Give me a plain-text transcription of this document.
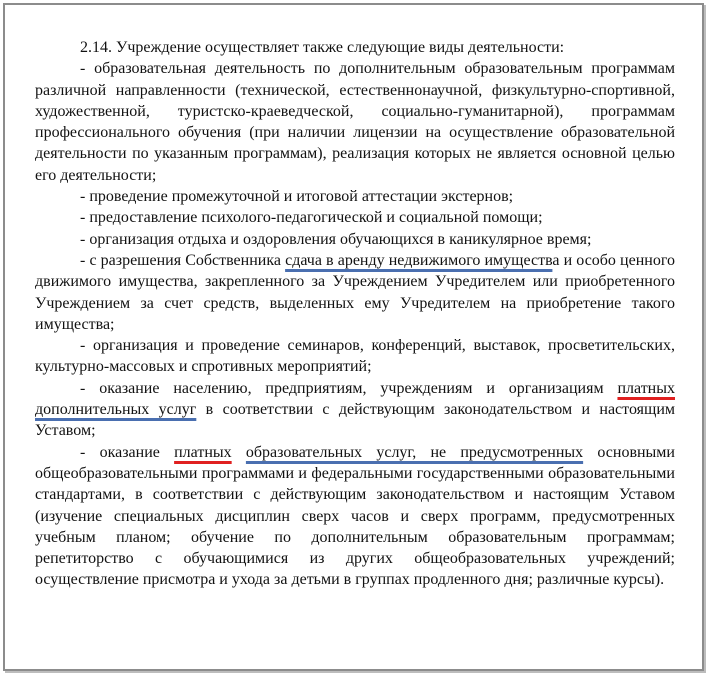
2.14. Учреждение осуществляет также следующие виды деятельности:

- образовательная деятельность по дополнительным образовательным программам различной направленности (технической, естественнонаучной, физкультурно-спортивной, художественной, туристско-краеведческой, социально-гуманитарной), программам профессионального обучения (при наличии лицензии на осуществление образовательной деятельности по указанным программам), реализация которых не является основной целью его деятельности;

- проведение промежуточной и итоговой аттестации экстернов;

- предоставление психолого-педагогической и социальной помощи;

- организация отдыха и оздоровления обучающихся в каникулярное время;

- с разрешения Собственника сдача в аренду недвижимого имущества и особо ценного движимого имущества, закрепленного за Учреждением Учредителем или приобретенного Учреждением за счет средств, выделенных ему Учредителем на приобретение такого имущества;

- организация и проведение семинаров, конференций, выставок, просветительских, культурно-массовых и спротивных мероприятий;

- оказание населению, предприятиям, учреждениям и организациям платных дополнительных услуг в соответствии с действующим законодательством и настоящим Уставом;

- оказание платных образовательных услуг, не предусмотренных основными общеобразовательными программами и федеральными государственными образовательными стандартами, в соответствии с действующим законодательством и настоящим Уставом (изучение специальных дисциплин сверх часов и сверх программ, предусмотренных учебным планом; обучение по дополнительным образовательным программам; репетиторство с обучающимися из других общеобразовательных учреждений; осуществление присмотра и ухода за детьми в группах продленного дня; различные курсы).
